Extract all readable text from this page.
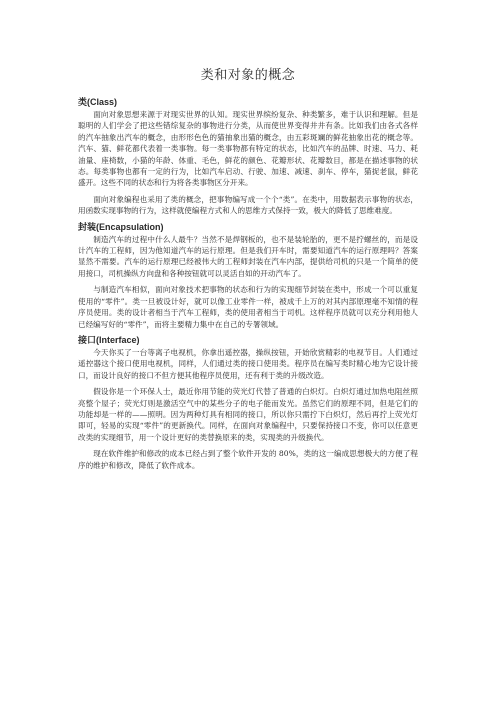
类和对象的概念
类(Class)

面向对象思想来源于对现实世界的认知。现实世界缤纷复杂、种类繁多，难于认识和理解。但是聪明的人们学会了把这些错综复杂的事物进行分类，从而使世界变得井井有条。比如我们由各式各样的汽车抽象出汽车的概念，由形形色色的猫抽象出猫的概念，由五彩斑斓的鲜花抽象出花的概念等。汽车、猫、鲜花都代表着一类事物。每一类事物都有特定的状态，比如汽车的品牌、时速、马力、耗油量、座椅数，小猫的年龄、体重、毛色，鲜花的颜色、花瓣形状、花瓣数目，都是在描述事物的状态。每类事物也都有一定的行为，比如汽车启动、行驶、加速、减速、刹车、停车，猫捉老鼠，鲜花盛开。这些不同的状态和行为将各类事物区分开来。

面向对象编程也采用了类的概念，把事物编写成一个个“类”。在类中，用数据表示事物的状态，用函数实现事物的行为，这样就使编程方式和人的思维方式保持一致，极大的降低了思维难度。

封装(Encapsulation)

制造汽车的过程中什么人最牛？当然不是焊钢板的，也不是装轮胎的，更不是拧螺丝的，而是设计汽车的工程师，因为他知道汽车的运行原理。但是我们开车时，需要知道汽车的运行原理吗？答案显然不需要。汽车的运行原理已经被伟大的工程师封装在汽车内部，提供给司机的只是一个简单的使用接口，司机操纵方向盘和各种按钮就可以灵活自如的开动汽车了。

与制造汽车相似，面向对象技术把事物的状态和行为的实现细节封装在类中，形成一个可以重复使用的“零件”。类一旦被设计好，就可以像工业零件一样，被成千上万的对其内部原理毫不知情的程序员使用。类的设计者相当于汽车工程师，类的使用者相当于司机。这样程序员就可以充分利用他人已经编写好的“零件”，而将主要精力集中在自己的专署领域。

接口(Interface)

今天你买了一台等离子电视机，你拿出遥控器，操纵按钮，开始欣赏精彩的电视节目。人们通过遥控器这个接口使用电视机，同样，人们通过类的接口使用类。程序员在编写类时精心地为它设计接口，而设计良好的接口不但方便其他程序员使用，还有利于类的升级改造。

假设你是一个环保人士，最近你用节能的荧光灯代替了普通的白炽灯。白炽灯通过加热电阻丝照亮整个屋子；荧光灯则是激活空气中的某些分子的电子能而发光。虽然它们的原理不同，但是它们的功能却是一样的——照明。因为两种灯具有相同的接口，所以你只需拧下白炽灯，然后再拧上荧光灯即可，轻易的实现“零件”的更新换代。同样，在面向对象编程中，只要保持接口不变，你可以任意更改类的实现细节，用一个设计更好的类替换原来的类，实现类的升级换代。

现在软件维护和修改的成本已经占到了整个软件开发的 80%，类的这一编成思想极大的方便了程序的维护和修改，降低了软件成本。
